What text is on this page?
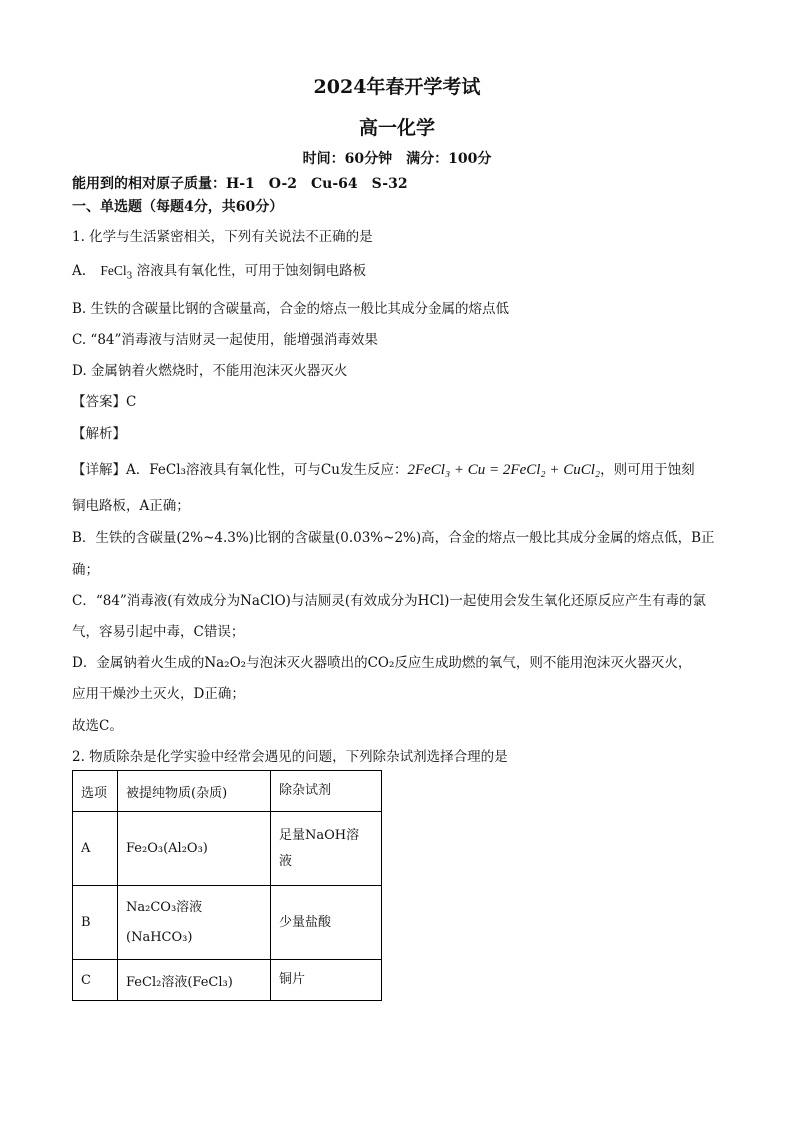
2024年春开学考试
高一化学
时间：60分钟　满分：100分
能用到的相对原子质量：H-1　O-2　Cu-64　S-32
一、单选题（每题4分，共60分）
1. 化学与生活紧密相关，下列有关说法不正确的是
A. FeCl$_3$ 溶液具有氧化性，可用于蚀刻铜电路板
B. 生铁的含碳量比钢的含碳量高，合金的熔点一般比其成分金属的熔点低
C. “84”消毒液与洁财灵一起使用，能增强消毒效果
D. 金属钠着火燃烧时，不能用泡沫灭火器灭火
【答案】C
【解析】
【详解】A．FeCl₃溶液具有氧化性，可与Cu发生反应：2FeCl₃ + Cu = 2FeCl₂ + CuCl₂，则可用于蚀刻
铜电路板，A正确；
B．生铁的含碳量(2%~4.3%)比钢的含碳量(0.03%~2%)高，合金的熔点一般比其成分金属的熔点低，B正
确；
C．“84”消毒液(有效成分为NaClO)与洁厕灵(有效成分为HCl)一起使用会发生氧化还原反应产生有毒的氯
气，容易引起中毒，C错误；
D．金属钠着火生成的Na₂O₂与泡沫灭火器喷出的CO₂反应生成助燃的氧气，则不能用泡沫灭火器灭火，
应用干燥沙土灭火，D正确；
故选C。
2. 物质除杂是化学实验中经常会遇见的问题，下列除杂试剂选择合理的是
选项	被提纯物质(杂质)	除杂试剂
A	Fe₂O₃(Al₂O₃)	足量NaOH溶
液

B	Na₂CO₃溶液
(NaHCO₃)	少量盐酸

C	FeCl₂溶液(FeCl₃)	铜片
